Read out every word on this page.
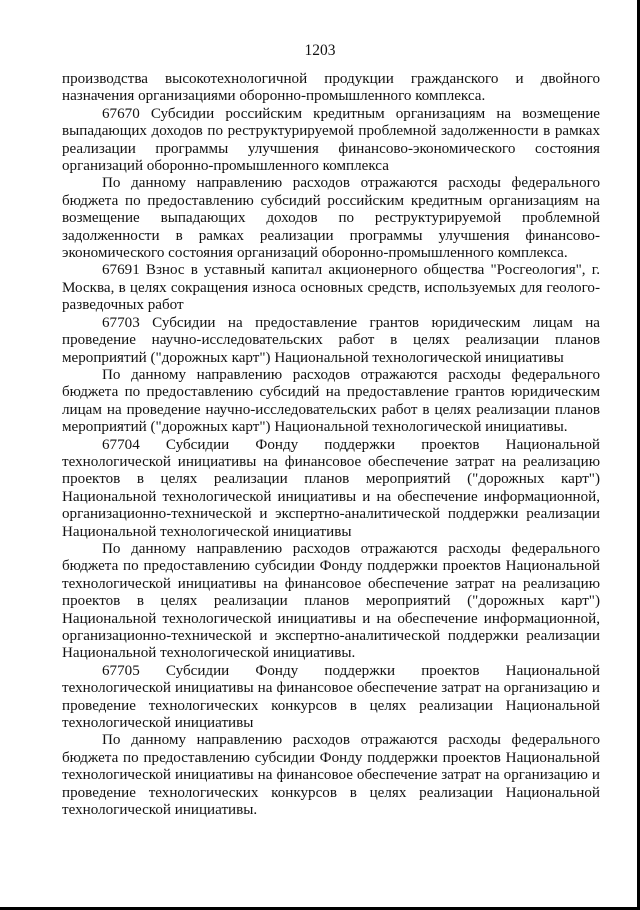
1203

производства высокотехнологичной продукции гражданского и двойного назначения организациями оборонно-промышленного комплекса.

67670 Субсидии российским кредитным организациям на возмещение выпадающих доходов по реструктурируемой проблемной задолженности в рамках реализации программы улучшения финансово-экономического состояния организаций оборонно-промышленного комплекса

По данному направлению расходов отражаются расходы федерального бюджета по предоставлению субсидий российским кредитным организациям на возмещение выпадающих доходов по реструктурируемой проблемной задолженности в рамках реализации программы улучшения финансово-экономического состояния организаций оборонно-промышленного комплекса.

67691 Взнос в уставный капитал акционерного общества "Росгеология", г. Москва, в целях сокращения износа основных средств, используемых для геолого-разведочных работ

67703 Субсидии на предоставление грантов юридическим лицам на проведение научно-исследовательских работ в целях реализации планов мероприятий ("дорожных карт") Национальной технологической инициативы

По данному направлению расходов отражаются расходы федерального бюджета по предоставлению субсидий на предоставление грантов юридическим лицам на проведение научно-исследовательских работ в целях реализации планов мероприятий ("дорожных карт") Национальной технологической инициативы.

67704 Субсидии Фонду поддержки проектов Национальной технологической инициативы на финансовое обеспечение затрат на реализацию проектов в целях реализации планов мероприятий ("дорожных карт") Национальной технологической инициативы и на обеспечение информационной, организационно-технической и экспертно-аналитической поддержки реализации Национальной технологической инициативы

По данному направлению расходов отражаются расходы федерального бюджета по предоставлению субсидии Фонду поддержки проектов Национальной технологической инициативы на финансовое обеспечение затрат на реализацию проектов в целях реализации планов мероприятий ("дорожных карт") Национальной технологической инициативы и на обеспечение информационной, организационно-технической и экспертно-аналитической поддержки реализации Национальной технологической инициативы.

67705 Субсидии Фонду поддержки проектов Национальной технологической инициативы на финансовое обеспечение затрат на организацию и проведение технологических конкурсов в целях реализации Национальной технологической инициативы

По данному направлению расходов отражаются расходы федерального бюджета по предоставлению субсидии Фонду поддержки проектов Национальной технологической инициативы на финансовое обеспечение затрат на организацию и проведение технологических конкурсов в целях реализации Национальной технологической инициативы.
